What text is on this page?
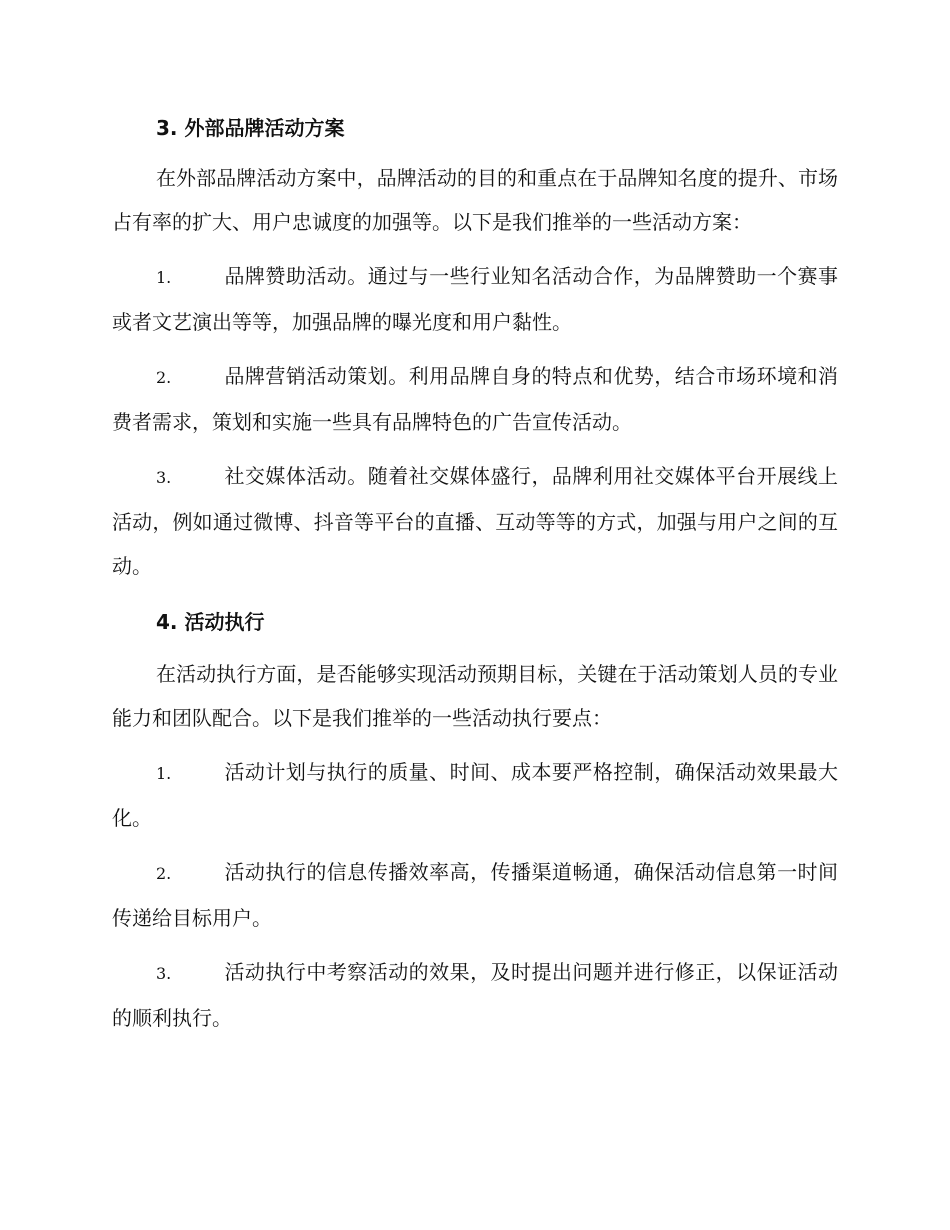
3. 外部品牌活动方案

在外部品牌活动方案中，品牌活动的目的和重点在于品牌知名度的提升、市场占有率的扩大、用户忠诚度的加强等。以下是我们推举的一些活动方案：

1.	品牌赞助活动。通过与一些行业知名活动合作，为品牌赞助一个赛事或者文艺演出等等，加强品牌的曝光度和用户黏性。

2.	品牌营销活动策划。利用品牌自身的特点和优势，结合市场环境和消费者需求，策划和实施一些具有品牌特色的广告宣传活动。

3.	社交媒体活动。随着社交媒体盛行，品牌利用社交媒体平台开展线上活动，例如通过微博、抖音等平台的直播、互动等等的方式，加强与用户之间的互动。

4. 活动执行

在活动执行方面，是否能够实现活动预期目标，关键在于活动策划人员的专业能力和团队配合。以下是我们推举的一些活动执行要点：

1.	活动计划与执行的质量、时间、成本要严格控制，确保活动效果最大化。

2.	活动执行的信息传播效率高，传播渠道畅通，确保活动信息第一时间传递给目标用户。

3.	活动执行中考察活动的效果，及时提出问题并进行修正，以保证活动的顺利执行。
